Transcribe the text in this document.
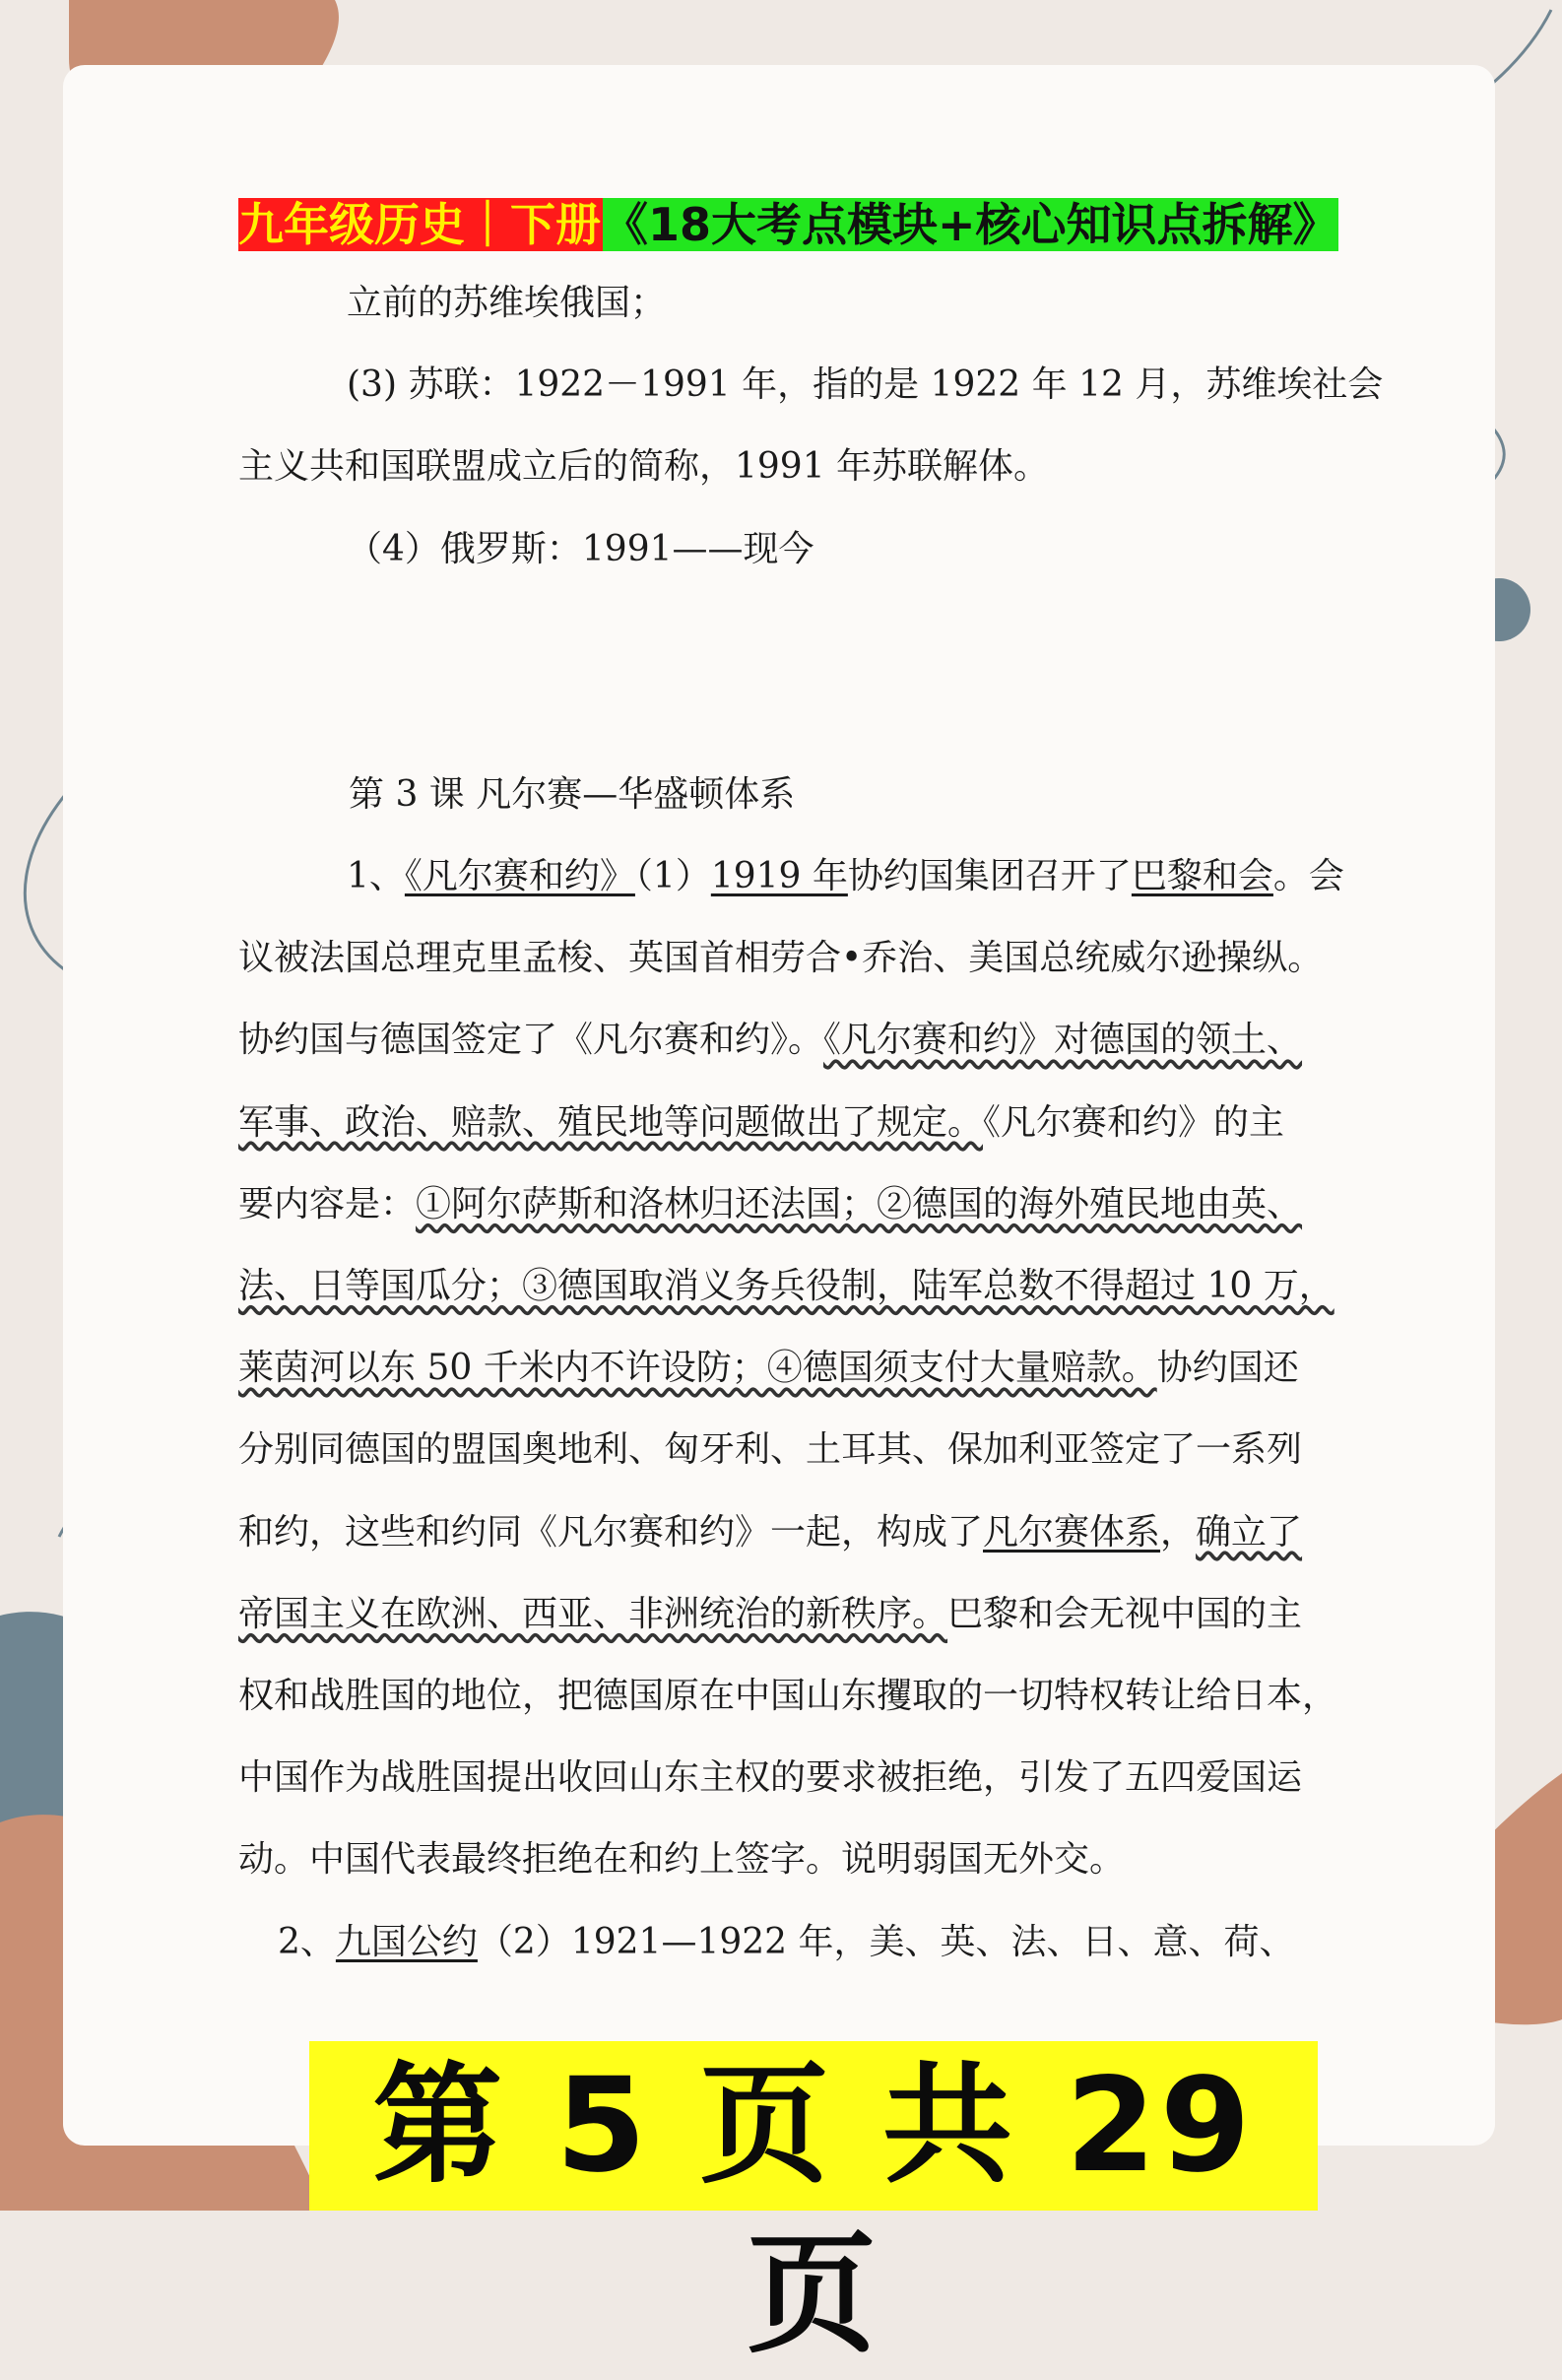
九年级历史｜下册《18大考点模块+核心知识点拆解》

立前的苏维埃俄国；

(3) 苏联：1922－1991 年，指的是 1922 年 12 月，苏维埃社会

主义共和国联盟成立后的简称，1991 年苏联解体。

（4）俄罗斯：1991——现今

第 3 课 凡尔赛—华盛顿体系

1、《凡尔赛和约》（1）1919 年协约国集团召开了巴黎和会。会

议被法国总理克里孟梭、英国首相劳合•乔治、美国总统威尔逊操纵。

协约国与德国签定了《凡尔赛和约》。《凡尔赛和约》对德国的领土、

军事、政治、赔款、殖民地等问题做出了规定。《凡尔赛和约》的主

要内容是：①阿尔萨斯和洛林归还法国；②德国的海外殖民地由英、

法、日等国瓜分；③德国取消义务兵役制，陆军总数不得超过 10 万，

莱茵河以东 50 千米内不许设防；④德国须支付大量赔款。协约国还

分别同德国的盟国奥地利、匈牙利、土耳其、保加利亚签定了一系列

和约，这些和约同《凡尔赛和约》一起，构成了凡尔赛体系，确立了

帝国主义在欧洲、西亚、非洲统治的新秩序。巴黎和会无视中国的主

权和战胜国的地位，把德国原在中国山东攫取的一切特权转让给日本，

中国作为战胜国提出收回山东主权的要求被拒绝，引发了五四爱国运

动。中国代表最终拒绝在和约上签字。说明弱国无外交。

2、九国公约（2）1921—1922 年，美、英、法、日、意、荷、

第 5 页 共 29 页
